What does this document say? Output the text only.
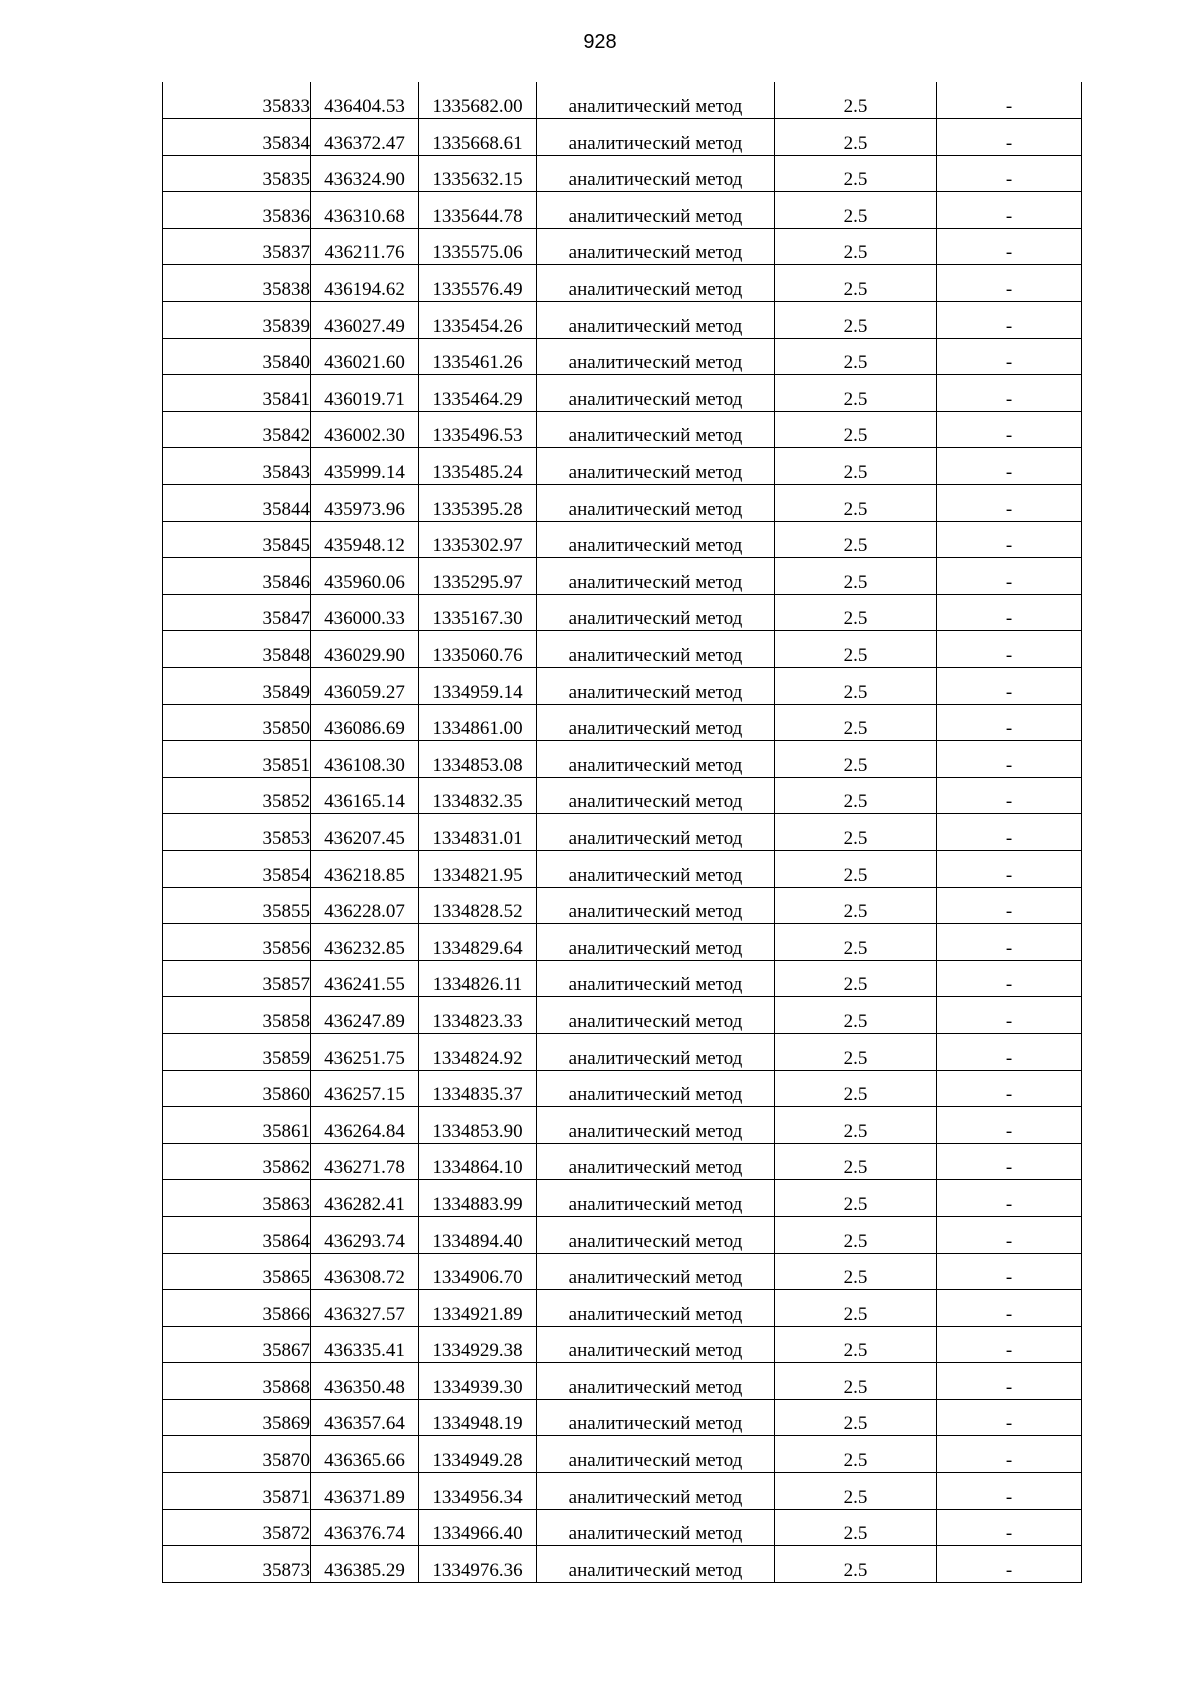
928
35833	436404.53	1335682.00	аналитический метод	2.5	-
35834	436372.47	1335668.61	аналитический метод	2.5	-
35835	436324.90	1335632.15	аналитический метод	2.5	-
35836	436310.68	1335644.78	аналитический метод	2.5	-
35837	436211.76	1335575.06	аналитический метод	2.5	-
35838	436194.62	1335576.49	аналитический метод	2.5	-
35839	436027.49	1335454.26	аналитический метод	2.5	-
35840	436021.60	1335461.26	аналитический метод	2.5	-
35841	436019.71	1335464.29	аналитический метод	2.5	-
35842	436002.30	1335496.53	аналитический метод	2.5	-
35843	435999.14	1335485.24	аналитический метод	2.5	-
35844	435973.96	1335395.28	аналитический метод	2.5	-
35845	435948.12	1335302.97	аналитический метод	2.5	-
35846	435960.06	1335295.97	аналитический метод	2.5	-
35847	436000.33	1335167.30	аналитический метод	2.5	-
35848	436029.90	1335060.76	аналитический метод	2.5	-
35849	436059.27	1334959.14	аналитический метод	2.5	-
35850	436086.69	1334861.00	аналитический метод	2.5	-
35851	436108.30	1334853.08	аналитический метод	2.5	-
35852	436165.14	1334832.35	аналитический метод	2.5	-
35853	436207.45	1334831.01	аналитический метод	2.5	-
35854	436218.85	1334821.95	аналитический метод	2.5	-
35855	436228.07	1334828.52	аналитический метод	2.5	-
35856	436232.85	1334829.64	аналитический метод	2.5	-
35857	436241.55	1334826.11	аналитический метод	2.5	-
35858	436247.89	1334823.33	аналитический метод	2.5	-
35859	436251.75	1334824.92	аналитический метод	2.5	-
35860	436257.15	1334835.37	аналитический метод	2.5	-
35861	436264.84	1334853.90	аналитический метод	2.5	-
35862	436271.78	1334864.10	аналитический метод	2.5	-
35863	436282.41	1334883.99	аналитический метод	2.5	-
35864	436293.74	1334894.40	аналитический метод	2.5	-
35865	436308.72	1334906.70	аналитический метод	2.5	-
35866	436327.57	1334921.89	аналитический метод	2.5	-
35867	436335.41	1334929.38	аналитический метод	2.5	-
35868	436350.48	1334939.30	аналитический метод	2.5	-
35869	436357.64	1334948.19	аналитический метод	2.5	-
35870	436365.66	1334949.28	аналитический метод	2.5	-
35871	436371.89	1334956.34	аналитический метод	2.5	-
35872	436376.74	1334966.40	аналитический метод	2.5	-
35873	436385.29	1334976.36	аналитический метод	2.5	-
